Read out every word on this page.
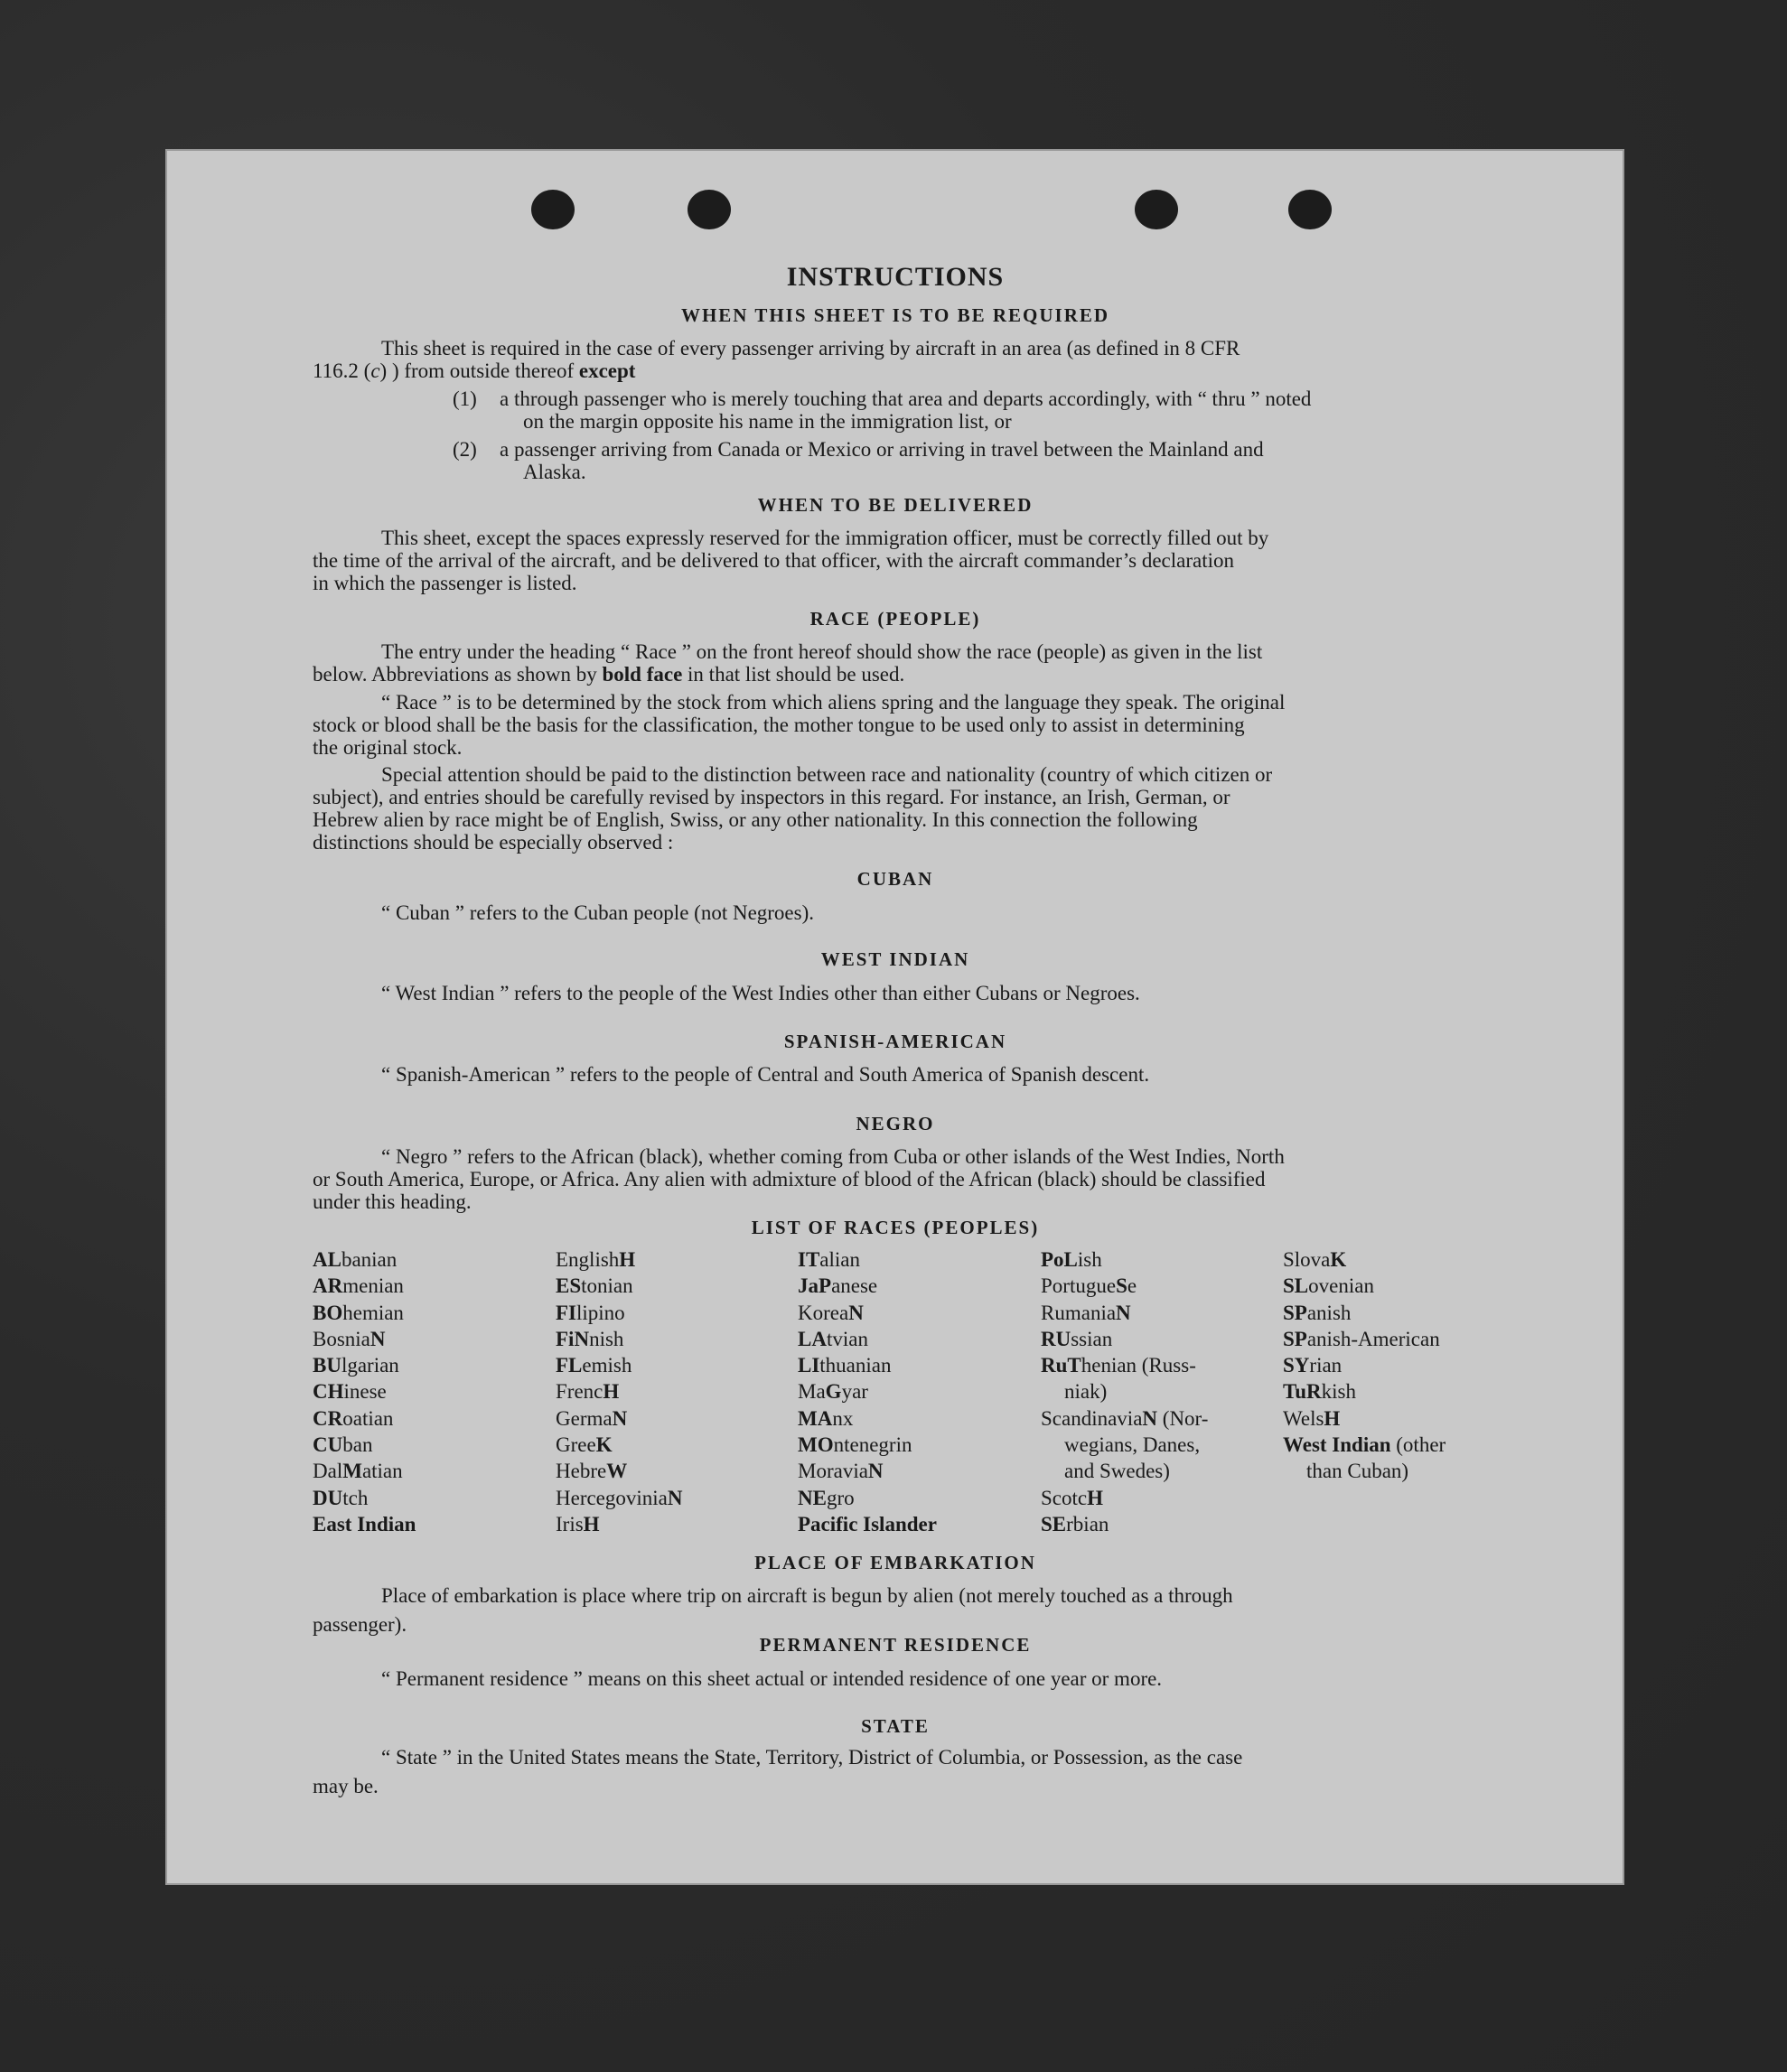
INSTRUCTIONS
WHEN THIS SHEET IS TO BE REQUIRED
This sheet is required in the case of every passenger arriving by aircraft in an area (as defined in 8 CFR
116.2 (c) ) from outside thereof except
(1) a through passenger who is merely touching that area and departs accordingly, with “ thru ” noted
on the margin opposite his name in the immigration list, or
(2) a passenger arriving from Canada or Mexico or arriving in travel between the Mainland and
Alaska.
WHEN TO BE DELIVERED
This sheet, except the spaces expressly reserved for the immigration officer, must be correctly filled out by
the time of the arrival of the aircraft, and be delivered to that officer, with the aircraft commander’s declaration
in which the passenger is listed.
RACE (PEOPLE)
The entry under the heading “ Race ” on the front hereof should show the race (people) as given in the list
below. Abbreviations as shown by bold face in that list should be used.
“ Race ” is to be determined by the stock from which aliens spring and the language they speak. The original
stock or blood shall be the basis for the classification, the mother tongue to be used only to assist in determining
the original stock.
Special attention should be paid to the distinction between race and nationality (country of which citizen or
subject), and entries should be carefully revised by inspectors in this regard. For instance, an Irish, German, or
Hebrew alien by race might be of English, Swiss, or any other nationality. In this connection the following
distinctions should be especially observed :
CUBAN
“ Cuban ” refers to the Cuban people (not Negroes).
WEST INDIAN
“ West Indian ” refers to the people of the West Indies other than either Cubans or Negroes.
SPANISH-AMERICAN
“ Spanish-American ” refers to the people of Central and South America of Spanish descent.
NEGRO
“ Negro ” refers to the African (black), whether coming from Cuba or other islands of the West Indies, North
or South America, Europe, or Africa. Any alien with admixture of blood of the African (black) should be classified
under this heading.
LIST OF RACES (PEOPLES)
ALbanian
ARmenian
BOhemian
BosniaN
BUlgarian
CHinese
CRoatian
CUban
DalMatian
DUtch
East Indian
EnglishH
EStonian
FIlipino
FiNnish
FLemish
FrencH
GermaN
GreeK
HebreW
HercegoviniaN
IrisH
ITalian
JaPanese
KoreaN
LAtvian
LIthuanian
MaGyar
MAnx
MOntenegrin
MoraviaN
NEgro
Pacific Islander
PoLish
PortugueSe
RumaniaN
RUssian
RuThenian (Russ-
niak)
ScandinaviaN (Nor-
wegians, Danes,
and Swedes)
ScotcH
SErbian
SlovaK
SLovenian
SPanish
SPanish-American
SYrian
TuRkish
WelsH
West Indian (other
than Cuban)
PLACE OF EMBARKATION
Place of embarkation is place where trip on aircraft is begun by alien (not merely touched as a through
passenger).
PERMANENT RESIDENCE
“ Permanent residence ” means on this sheet actual or intended residence of one year or more.
STATE
“ State ” in the United States means the State, Territory, District of Columbia, or Possession, as the case
may be.
